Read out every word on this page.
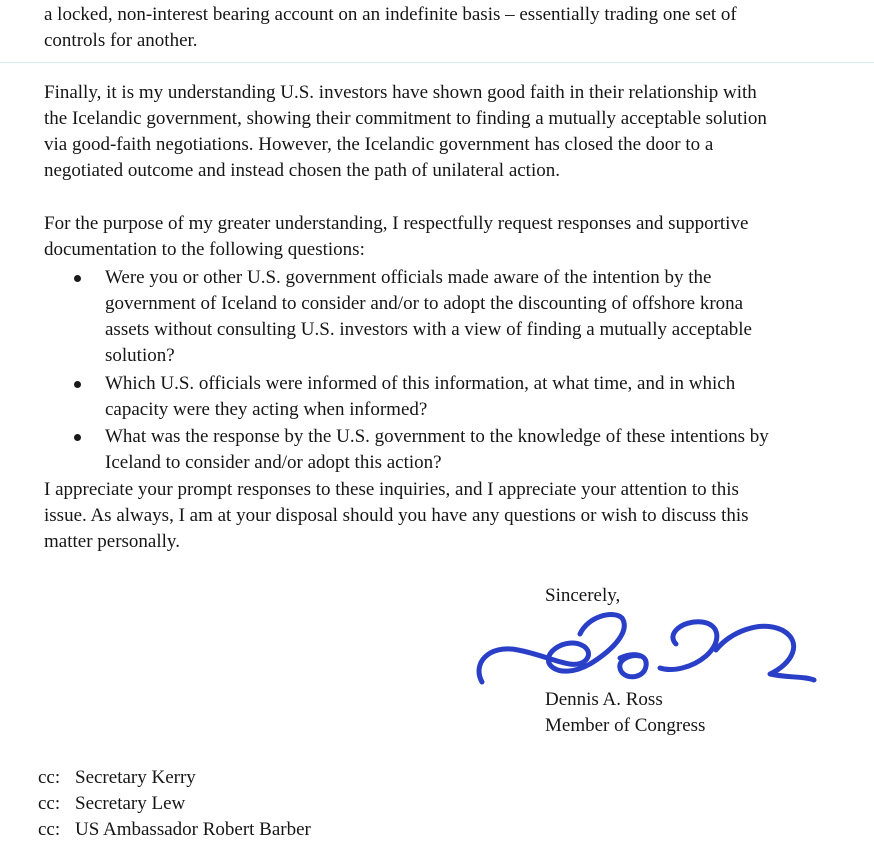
a locked, non-interest bearing account on an indefinite basis – essentially trading one set of
controls for another.
Finally, it is my understanding U.S. investors have shown good faith in their relationship with
the Icelandic government, showing their commitment to finding a mutually acceptable solution
via good-faith negotiations. However, the Icelandic government has closed the door to a
negotiated outcome and instead chosen the path of unilateral action.
For the purpose of my greater understanding, I respectfully request responses and supportive
documentation to the following questions:
Were you or other U.S. government officials made aware of the intention by the
government of Iceland to consider and/or to adopt the discounting of offshore krona
assets without consulting U.S. investors with a view of finding a mutually acceptable
solution?
Which U.S. officials were informed of this information, at what time, and in which
capacity were they acting when informed?
What was the response by the U.S. government to the knowledge of these intentions by
Iceland to consider and/or adopt this action?
I appreciate your prompt responses to these inquiries, and I appreciate your attention to this
issue. As always, I am at your disposal should you have any questions or wish to discuss this
matter personally.
Sincerely,
Dennis A. Ross
Member of Congress
cc: Secretary Kerry
cc: Secretary Lew
cc: US Ambassador Robert Barber
